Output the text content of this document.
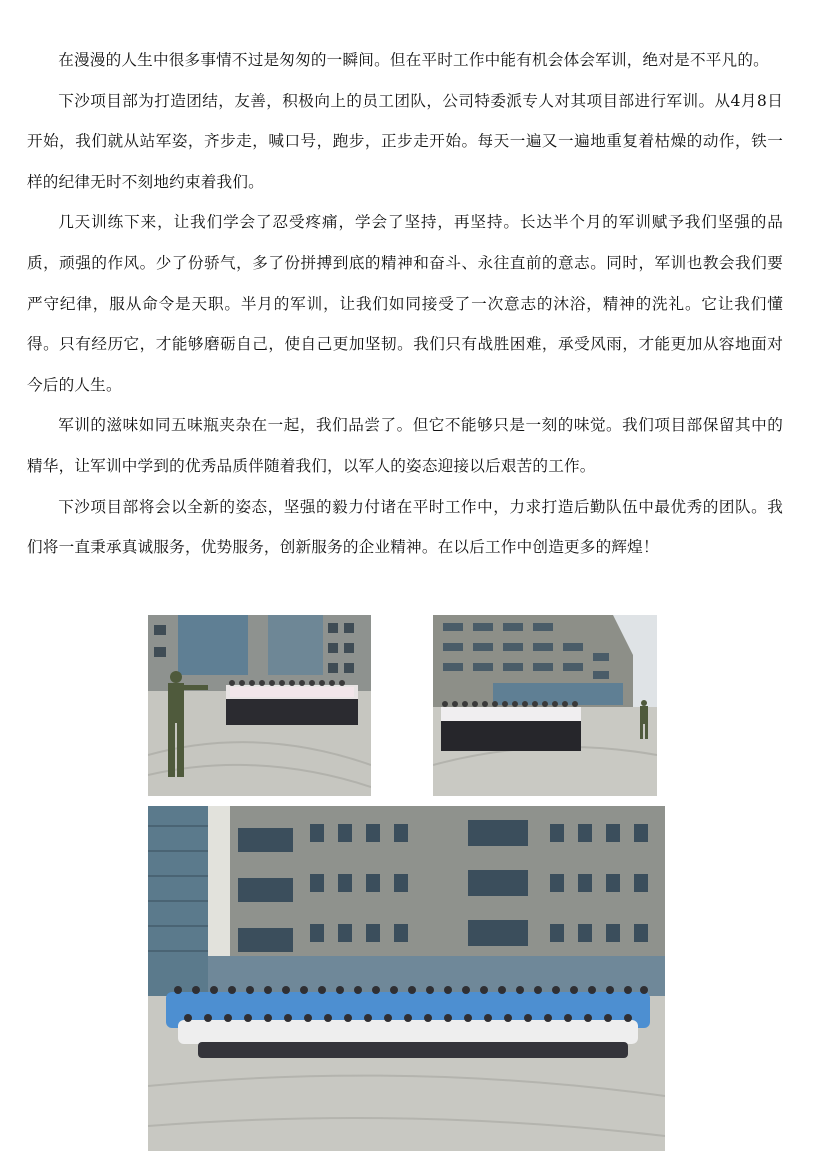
在漫漫的人生中很多事情不过是匆匆的一瞬间。但在平时工作中能有机会体会军训，绝对是不平凡的。

下沙项目部为打造团结，友善，积极向上的员工团队，公司特委派专人对其项目部进行军训。从4月8日开始，我们就从站军姿，齐步走，喊口号，跑步，正步走开始。每天一遍又一遍地重复着枯燥的动作，铁一样的纪律无时不刻地约束着我们。

几天训练下来，让我们学会了忍受疼痛，学会了坚持，再坚持。长达半个月的军训赋予我们坚强的品质，顽强的作风。少了份骄气，多了份拼搏到底的精神和奋斗、永往直前的意志。同时，军训也教会我们要严守纪律，服从命令是天职。半月的军训，让我们如同接受了一次意志的沐浴，精神的洗礼。它让我们懂得。只有经历它，才能够磨砺自己，使自己更加坚韧。我们只有战胜困难，承受风雨，才能更加从容地面对今后的人生。

军训的滋味如同五味瓶夹杂在一起，我们品尝了。但它不能够只是一刻的味觉。我们项目部保留其中的精华，让军训中学到的优秀品质伴随着我们，以军人的姿态迎接以后艰苦的工作。

下沙项目部将会以全新的姿态，坚强的毅力付诸在平时工作中，力求打造后勤队伍中最优秀的团队。我们将一直秉承真诚服务，优势服务，创新服务的企业精神。在以后工作中创造更多的辉煌！
